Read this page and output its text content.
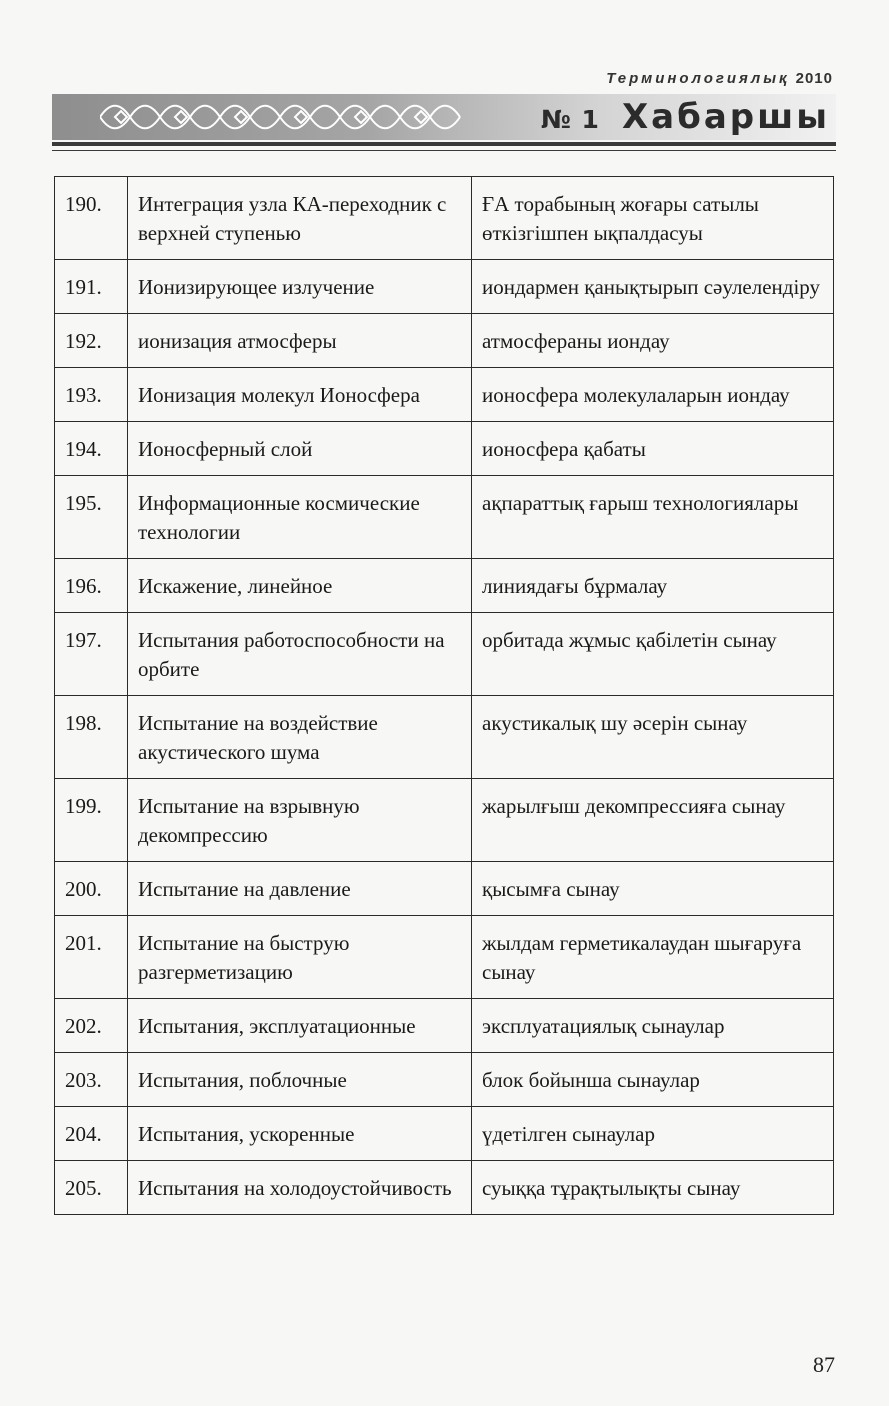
Терминологиялық 2010
№ 1 Хабаршы
190.	Интеграция узла КА-переходник с верхней ступенью	ҒА торабының жоғары сатылы өткізгішпен ықпалдасуы
191.	Ионизирующее излучение	иондармен қанықтырып сәулелендіру
192.	ионизация атмосферы	атмосфераны иондау
193.	Ионизация молекул Ионосфера	ионосфера молекулаларын иондау
194.	Ионосферный слой	ионосфера қабаты
195.	Информационные космические технологии	ақпараттық ғарыш технологиялары
196.	Искажение, линейное	линиядағы бұрмалау
197.	Испытания работоспособности на орбите	орбитада жұмыс қабілетін сынау
198.	Испытание на воздействие акустического шума	акустикалық шу әсерін сынау
199.	Испытание на взрывную декомпрессию	жарылғыш декомпрессияға сынау
200.	Испытание на давление	қысымға сынау
201.	Испытание на быструю разгерметизацию	жылдам герметикалаудан шығаруға сынау
202.	Испытания, эксплуатационные	эксплуатациялық сынаулар
203.	Испытания, поблочные	блок бойынша сынаулар
204.	Испытания, ускоренные	үдетілген сынаулар
205.	Испытания на холодоустойчивость	суыққа тұрақтылықты сынау
87
